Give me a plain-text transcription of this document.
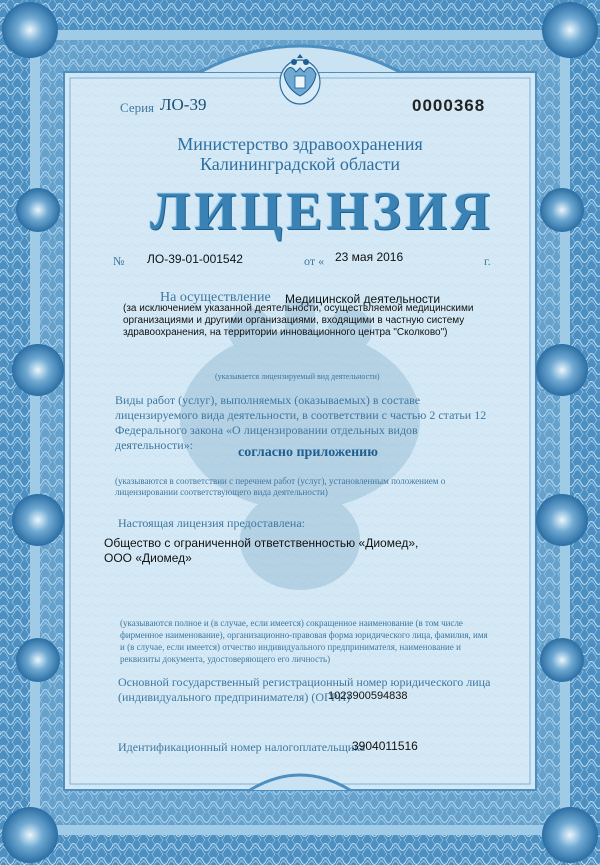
Серия ЛО-39	0000368
Министерство здравоохранения
Калининградской области
ЛИЦЕНЗИЯ
№ ЛО-39-01-001542	от « 23 мая 2016	г.
На осуществление Медицинской деятельности
(за исключением указанной деятельности, осуществляемой медицинскими организациями и другими организациями, входящими в частную систему здравоохранения, на территории инновационного центра "Сколково")
(указывается лицензируемый вид деятельности)
Виды работ (услуг), выполняемых (оказываемых) в составе лицензируемого вида деятельности, в соответствии с частью 2 статьи 12 Федерального закона «О лицензировании отдельных видов деятельности»:	согласно приложению
(указываются в соответствии с перечнем работ (услуг), установленным положением о лицензировании соответствующего вида деятельности)
Настоящая лицензия предоставлена:
Общество с ограниченной ответственностью «Диомед»,
ООО «Диомед»
(указываются полное и (в случае, если имеется) сокращенное наименование (в том числе фирменное наименование), организационно-правовая форма юридического лица, фамилия, имя и (в случае, если имеется) отчество индивидуального предпринимателя, наименование и реквизиты документа, удостоверяющего его личность)
Основной государственный регистрационный номер юридического лица
(индивидуального предпринимателя) (ОГРН)
1023900594838
Идентификационный номер налогоплательщика
3904011516
